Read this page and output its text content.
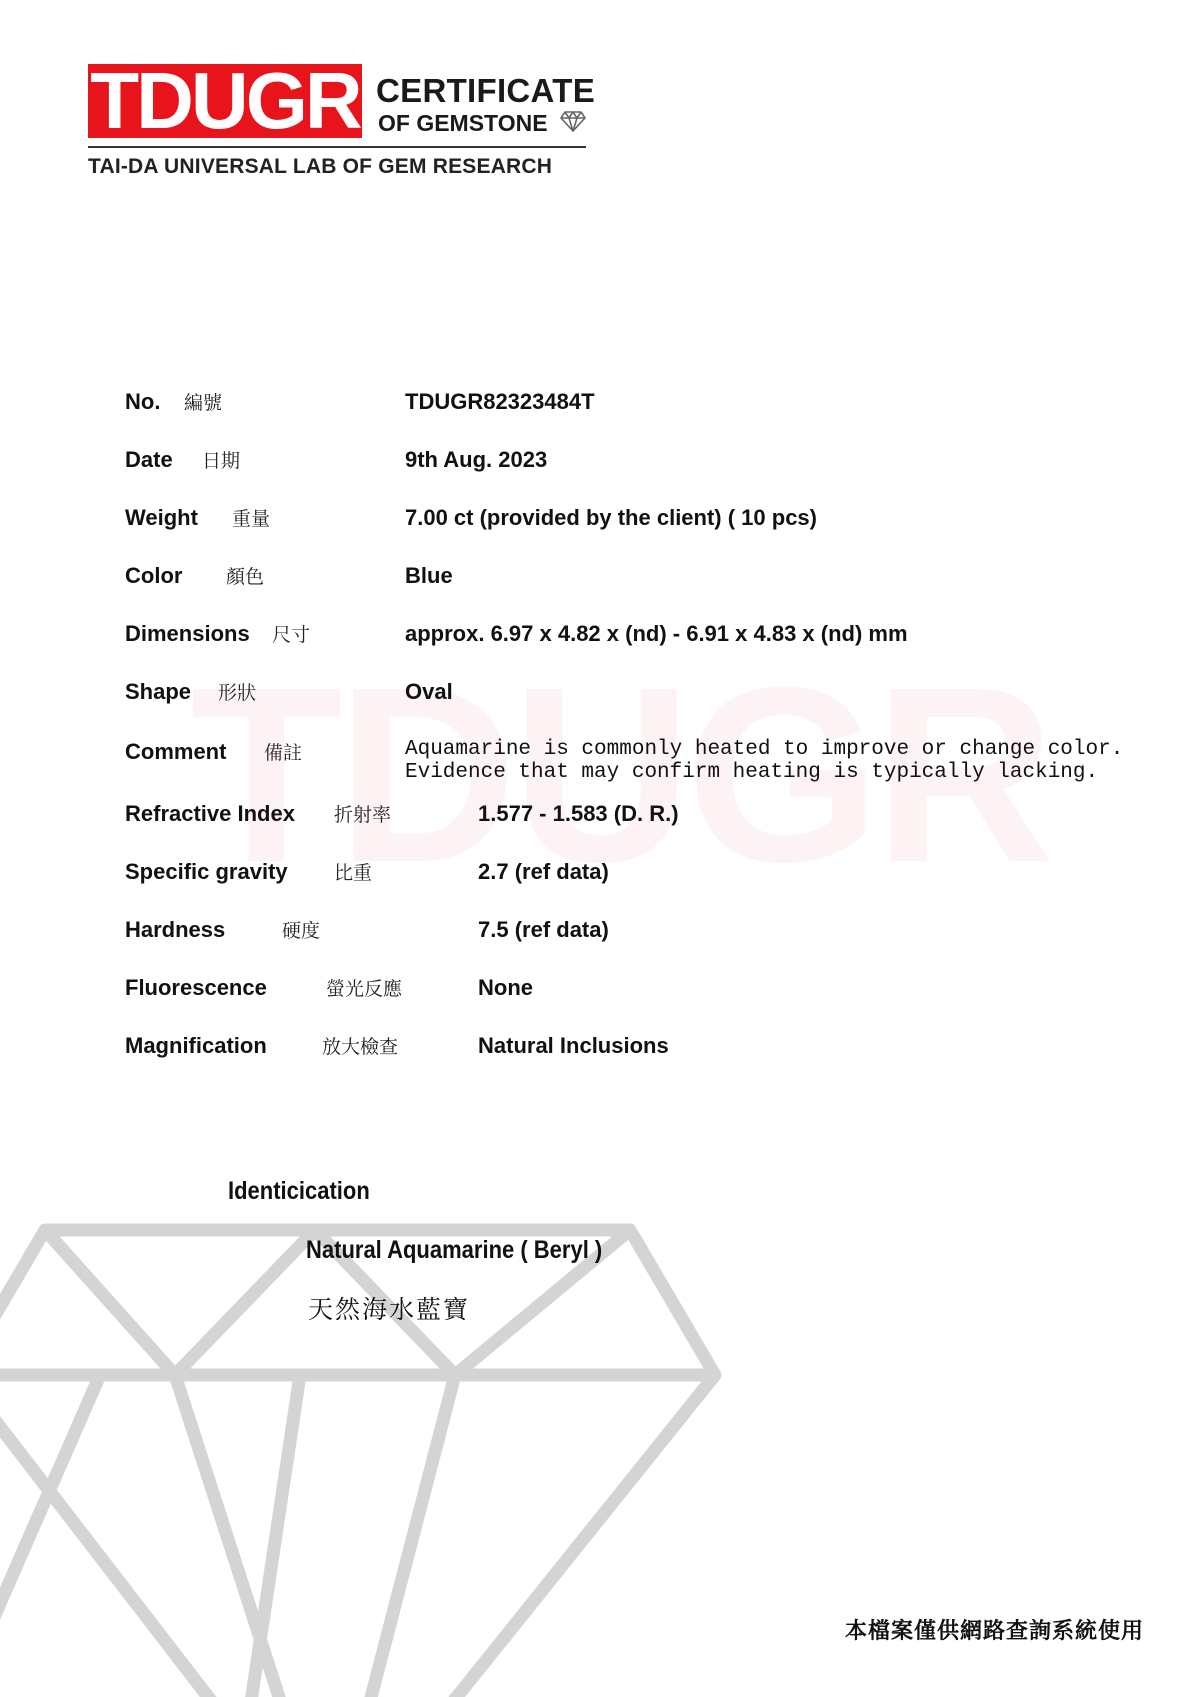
TDUGR CERTIFICATE
OF GEMSTONE
TAI-DA UNIVERSAL LAB OF GEM RESEARCH
No. 編號	TDUGR82323484T
Date 日期	9th Aug. 2023
Weight 重量	7.00 ct (provided by the client) ( 10 pcs)
Color 顏色	Blue
Dimensions 尺寸	approx. 6.97 x 4.82 x (nd) - 6.91 x 4.83 x (nd) mm
Shape 形狀	Oval
Comment 備註	Aquamarine is commonly heated to improve or change color.
Evidence that may confirm heating is typically lacking.
Refractive Index 折射率	1.577 - 1.583 (D. R.)
Specific gravity 比重	2.7 (ref data)
Hardness	硬度	7.5 (ref data)
Fluorescence	螢光反應	None
Magnification	放大檢查	Natural Inclusions
Identicication
Natural Aquamarine ( Beryl )
天然海水藍寶
本檔案僅供網路查詢系統使用
